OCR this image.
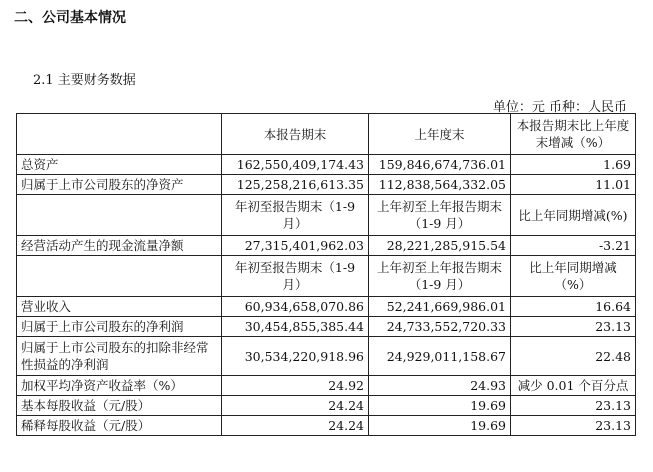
二、公司基本情况
2.1 主要财务数据
单位：元 币种：人民币
	本报告期末	上年度末	本报告期末比上年度末增减（%）
总资产	162,550,409,174.43	159,846,674,736.01	1.69
归属于上市公司股东的净资产	125,258,216,613.35	112,838,564,332.05	11.01
	年初至报告期末（1-9 月）	上年初至上年报告期末（1-9 月）	比上年同期增减(%)
经营活动产生的现金流量净额	27,315,401,962.03	28,221,285,915.54	-3.21
	年初至报告期末（1-9 月）	上年初至上年报告期末（1-9 月）	比上年同期增减（%）
营业收入	60,934,658,070.86	52,241,669,986.01	16.64
归属于上市公司股东的净利润	30,454,855,385.44	24,733,552,720.33	23.13
归属于上市公司股东的扣除非经常性损益的净利润	30,534,220,918.96	24,929,011,158.67	22.48
加权平均净资产收益率（%）	24.92	24.93	减少 0.01 个百分点
基本每股收益（元/股）	24.24	19.69	23.13
稀释每股收益（元/股）	24.24	19.69	23.13
